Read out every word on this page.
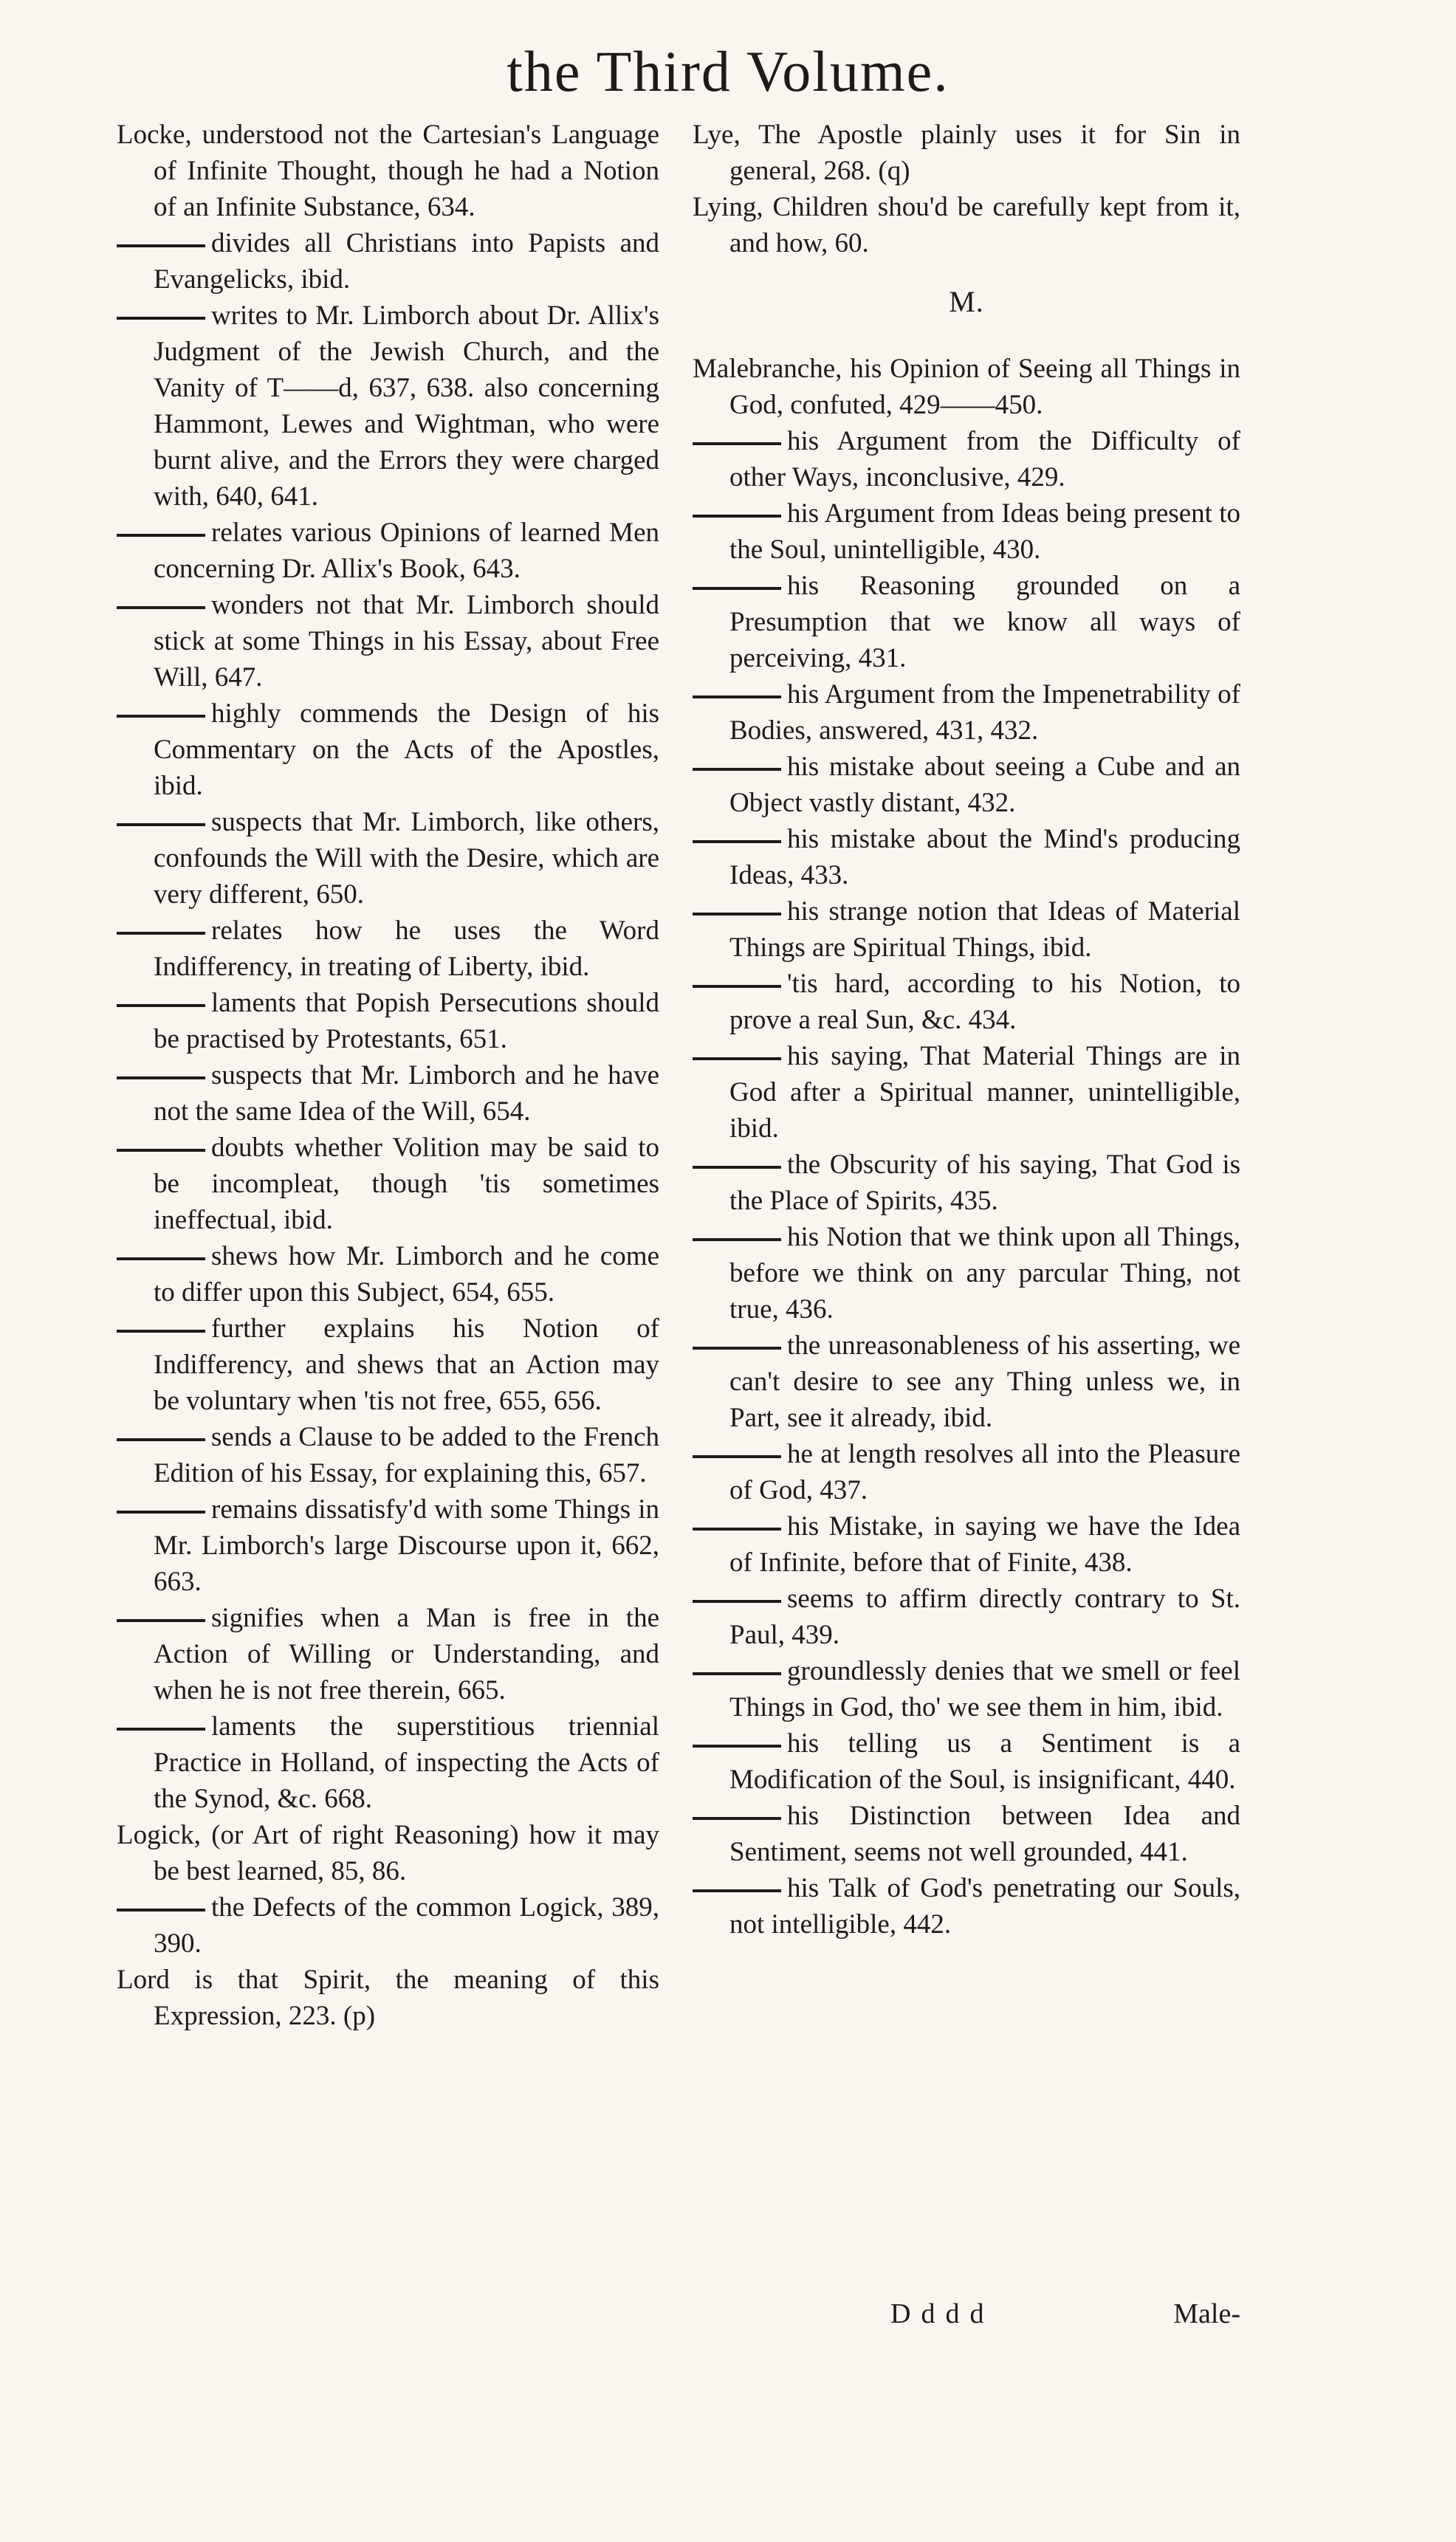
the Third Volume.

Locke, understood not the Cartesian's Language of Infinite Thought, though he had a Notion of an Infinite Substance, 634.

divides all Christians into Papists and Evangelicks, ibid.

writes to Mr. Limborch about Dr. Allix's Judgment of the Jewish Church, and the Vanity of T——d, 637, 638. also concerning Hammont, Lewes and Wightman, who were burnt alive, and the Errors they were charged with, 640, 641.

relates various Opinions of learned Men concerning Dr. Allix's Book, 643.

wonders not that Mr. Limborch should stick at some Things in his Essay, about Free Will, 647.

highly commends the Design of his Commentary on the Acts of the Apostles, ibid.

suspects that Mr. Limborch, like others, confounds the Will with the Desire, which are very different, 650.

relates how he uses the Word Indifferency, in treating of Liberty, ibid.

laments that Popish Persecutions should be practised by Protestants, 651.

suspects that Mr. Limborch and he have not the same Idea of the Will, 654.

doubts whether Volition may be said to be incompleat, though 'tis sometimes ineffectual, ibid.

shews how Mr. Limborch and he come to differ upon this Subject, 654, 655.

further explains his Notion of Indifferency, and shews that an Action may be voluntary when 'tis not free, 655, 656.

sends a Clause to be added to the French Edition of his Essay, for explaining this, 657.

remains dissatisfy'd with some Things in Mr. Limborch's large Discourse upon it, 662, 663.

signifies when a Man is free in the Action of Willing or Understanding, and when he is not free therein, 665.

laments the superstitious triennial Practice in Holland, of inspecting the Acts of the Synod, &c. 668.

Logick, (or Art of right Reasoning) how it may be best learned, 85, 86.

the Defects of the common Logick, 389, 390.

Lord is that Spirit, the meaning of this Expression, 223. (p)

Lye, The Apostle plainly uses it for Sin in general, 268. (q)

Lying, Children shou'd be carefully kept from it, and how, 60.

M.

Malebranche, his Opinion of Seeing all Things in God, confuted, 429——450.

his Argument from the Difficulty of other Ways, inconclusive, 429.

his Argument from Ideas being present to the Soul, unintelligible, 430.

his Reasoning grounded on a Presumption that we know all ways of perceiving, 431.

his Argument from the Impenetrability of Bodies, answered, 431, 432.

his mistake about seeing a Cube and an Object vastly distant, 432.

his mistake about the Mind's producing Ideas, 433.

his strange notion that Ideas of Material Things are Spiritual Things, ibid.

'tis hard, according to his Notion, to prove a real Sun, &c. 434.

his saying, That Material Things are in God after a Spiritual manner, unintelligible, ibid.

the Obscurity of his saying, That God is the Place of Spirits, 435.

his Notion that we think upon all Things, before we think on any parcular Thing, not true, 436.

the unreasonableness of his asserting, we can't desire to see any Thing unless we, in Part, see it already, ibid.

he at length resolves all into the Pleasure of God, 437.

his Mistake, in saying we have the Idea of Infinite, before that of Finite, 438.

seems to affirm directly contrary to St. Paul, 439.

groundlessly denies that we smell or feel Things in God, tho' we see them in him, ibid.

his telling us a Sentiment is a Modification of the Soul, is insignificant, 440.

his Distinction between Idea and Sentiment, seems not well grounded, 441.

his Talk of God's penetrating our Souls, not intelligible, 442.

Dddd	Male-
